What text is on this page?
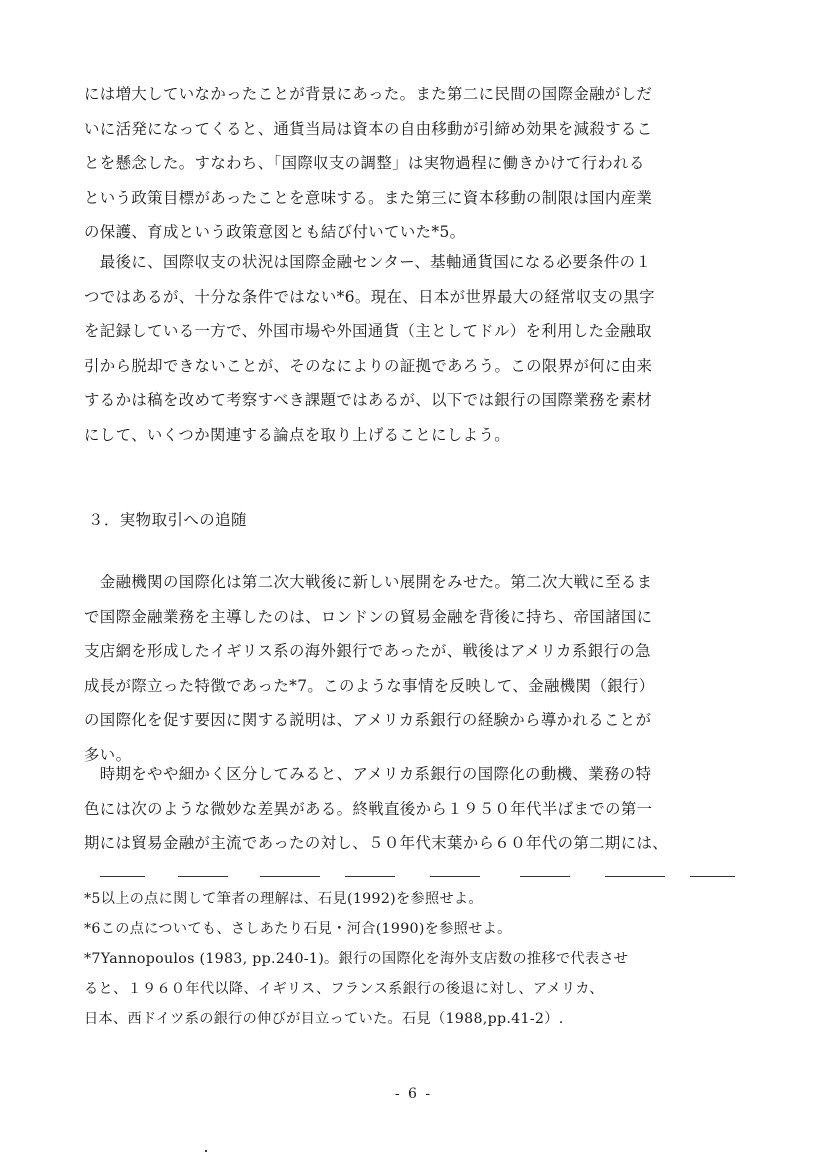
には増大していなかったことが背景にあった。また第二に民間の国際金融がしだ
いに活発になってくると、通貨当局は資本の自由移動が引締め効果を減殺するこ
とを懸念した。すなわち、「国際収支の調整」は実物過程に働きかけて行われる
という政策目標があったことを意味する。また第三に資本移動の制限は国内産業
の保護、育成という政策意図とも結び付いていた*5。
　最後に、国際収支の状況は国際金融センター、基軸通貨国になる必要条件の１
つではあるが、十分な条件ではない*6。現在、日本が世界最大の経常収支の黒字
を記録している一方で、外国市場や外国通貨（主としてドル）を利用した金融取
引から脱却できないことが、そのなによりの証拠であろう。この限界が何に由来
するかは稿を改めて考察すべき課題ではあるが、以下では銀行の国際業務を素材
にして、いくつか関連する論点を取り上げることにしよう。

３．実物取引への追随

　金融機関の国際化は第二次大戦後に新しい展開をみせた。第二次大戦に至るま
で国際金融業務を主導したのは、ロンドンの貿易金融を背後に持ち、帝国諸国に
支店網を形成したイギリス系の海外銀行であったが、戦後はアメリカ系銀行の急
成長が際立った特徴であった*7。このような事情を反映して、金融機関（銀行）
の国際化を促す要因に関する説明は、アメリカ系銀行の経験から導かれることが
多い。
　時期をやや細かく区分してみると、アメリカ系銀行の国際化の動機、業務の特
色には次のような微妙な差異がある。終戦直後から１９５０年代半ばまでの第一
期には貿易金融が主流であったの対し、５０年代末葉から６０年代の第二期には、
*5以上の点に関して筆者の理解は、石見(1992)を参照せよ。
*6この点についても、さしあたり石見・河合(1990)を参照せよ。
*7Yannopoulos (1983, pp.240-1)。銀行の国際化を海外支店数の推移で代表させ
ると、１９６０年代以降、イギリス、フランス系銀行の後退に対し、アメリカ、
日本、西ドイツ系の銀行の伸びが目立っていた。石見（1988,pp.41-2）.
- 6 -
